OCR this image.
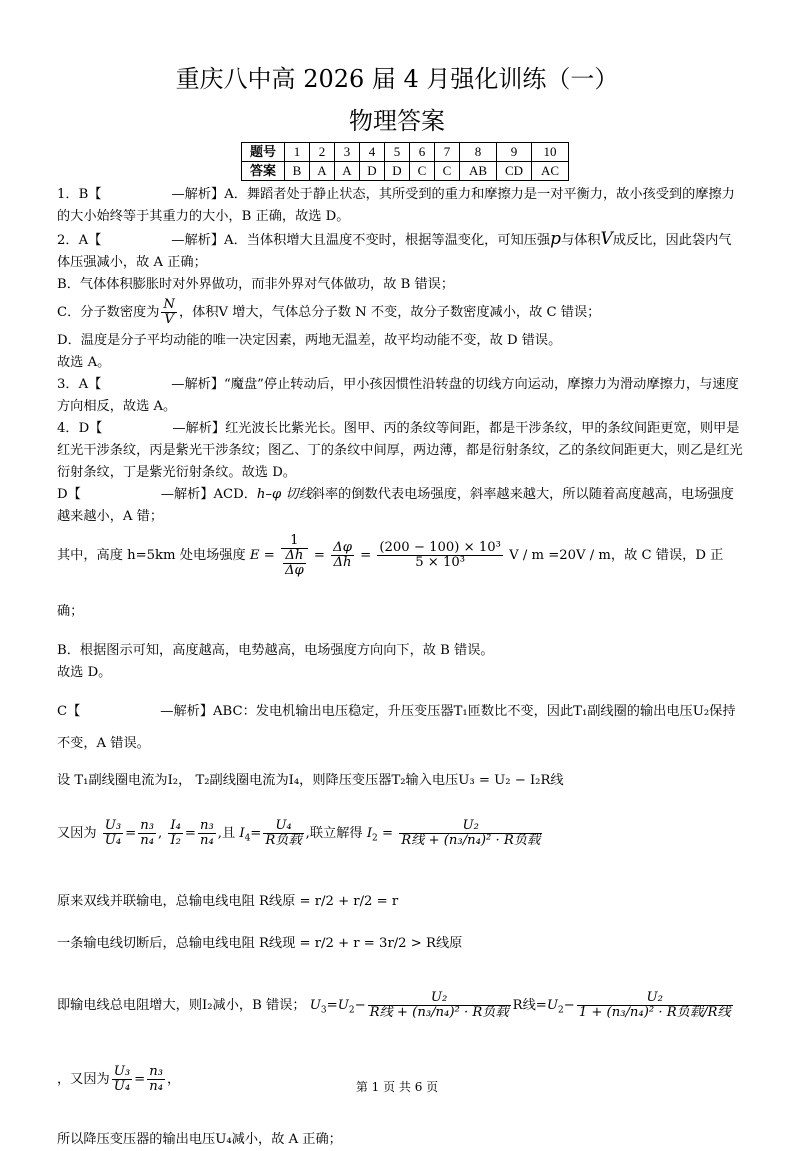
重庆八中高 2026 届 4 月强化训练（一）
物理答案
题号	1	2	3	4	5	6	7	8	9	10
答案	B	A	A	D	D	C	C	AB	CD	AC

1．B【	—解析】A．舞蹈者处于静止状态，其所受到的重力和摩擦力是一对平衡力，故小孩受到的摩擦力的大小始终等于其重力的大小，B 正确，故选 D。

2．A【	—解析】A．当体积增大且温度不变时，根据等温变化，可知压强p与体积V成反比，因此袋内气体压强减小，故 A 正确；

B．气体体积膨胀时对外界做功，而非外界对气体做功，故 B 错误；

C．分子数密度为 $\frac{N}{V}$ ，体积V 增大，气体总分子数 N 不变，故分子数密度减小，故 C 错误；

D．温度是分子平均动能的唯一决定因素，两地无温差，故平均动能不变，故 D 错误。

故选 A。

3．A【	—解析】“魔盘”停止转动后，甲小孩因惯性沿转盘的切线方向运动，摩擦力为滑动摩擦力，与速度方向相反，故选 A。

4．D【	—解析】红光波长比紫光长。图甲、丙的条纹等间距，都是干涉条纹，甲的条纹间距更宽，则甲是红光干涉条纹，丙是紫光干涉条纹；图乙、丁的条纹中间厚，两边薄，都是衍射条纹，乙的条纹间距更大，则乙是红光衍射条纹，丁是紫光衍射条纹。故选 D。

D【	—解析】ACD．h–φ 切线斜率的倒数代表电场强度，斜率越来越大，所以随着高度越高，电场强度越来越小，A 错；

其中，高度 h=5km 处电场强度 $E = \frac{1}{\frac{\Delta h}{\Delta\varphi}} = \frac{\Delta\varphi}{\Delta h} = \frac{\text{(200 − 100) × 10³}}{\text{5 × 10³}}$ V / m =20V / m，故 C 错误，D 正确；

B．根据图示可知，高度越高，电势越高，电场强度方向向下，故 B 错误。

故选 D。

C【	—解析】ABC：发电机输出电压稳定，升压变压器T₁匝数比不变，因此T₁副线圈的输出电压U₂保持不变，A 错误。

设 T₁副线圈电流为I₂， T₂副线圈电流为I₄，则降压变压器T₂输入电压U₃ = U₂ − I₂R线

又因为 $\frac{\text{U₃}}{\text{U₄}} = \frac{\text{n₃}}{\text{n₄}}$ , $\frac{\text{I₄}}{\text{I₂}} = \frac{\text{n₃}}{\text{n₄}}$ ,且 $I_4= \frac{\text{U₄}}{\text{R负载}}$ ,联立解得 $I_2 = \frac{\text{U₂}}{\text{R线 + (n₃/n₄)² · R负载}}$

原来双线并联输电，总输电线电阻 R线原 = r/2 + r/2 = r

一条输电线切断后，总输电线电阻 R线现 = r/2 + r = 3r/2 > R线原

即输电线总电阻增大，则I₂减小，B 错误； $U_3=U_2- \frac{\text{U₂}}{\text{R线 + (n₃/n₄)² · R负载}}$ R线$=U_2- \frac{\text{U₂}}{\text{1 + (n₃/n₄)² · R负载/R线}}$
，又因为 $\frac{\text{U₃}}{\text{U₄}} = \frac{\text{n₃}}{\text{n₄}}$ ，

所以降压变压器的输出电压U₄减小，故 A 正确；

第 1 页 共 6 页
